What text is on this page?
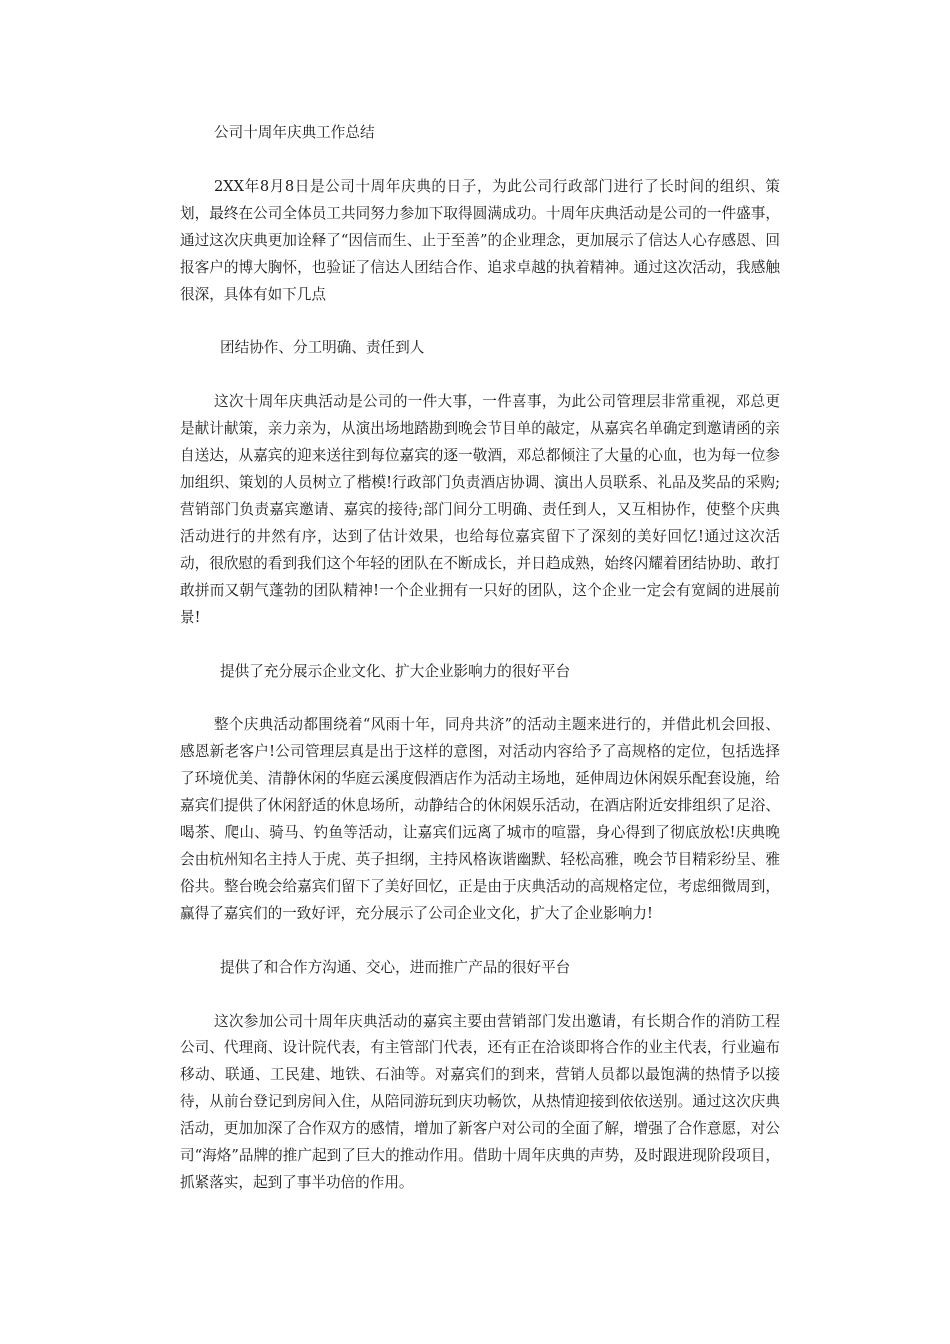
公司十周年庆典工作总结

2XX年8月8日是公司十周年庆典的日子，为此公司行政部门进行了长时间的组织、策划，最终在公司全体员工共同努力参加下取得圆满成功。十周年庆典活动是公司的一件盛事，通过这次庆典更加诠释了“因信而生、止于至善”的企业理念，更加展示了信达人心存感恩、回报客户的博大胸怀，也验证了信达人团结合作、追求卓越的执着精神。通过这次活动，我感触很深，具体有如下几点

团结协作、分工明确、责任到人

这次十周年庆典活动是公司的一件大事，一件喜事，为此公司管理层非常重视，邓总更是献计献策，亲力亲为，从演出场地踏勘到晚会节目单的敲定，从嘉宾名单确定到邀请函的亲自送达，从嘉宾的迎来送往到每位嘉宾的逐一敬酒，邓总都倾注了大量的心血，也为每一位参加组织、策划的人员树立了楷模!行政部门负责酒店协调、演出人员联系、礼品及奖品的采购;营销部门负责嘉宾邀请、嘉宾的接待;部门间分工明确、责任到人，又互相协作，使整个庆典活动进行的井然有序，达到了估计效果，也给每位嘉宾留下了深刻的美好回忆!通过这次活动，很欣慰的看到我们这个年轻的团队在不断成长，并日趋成熟，始终闪耀着团结协助、敢打敢拼而又朝气蓬勃的团队精神!一个企业拥有一只好的团队，这个企业一定会有宽阔的进展前景!

提供了充分展示企业文化、扩大企业影响力的很好平台

整个庆典活动都围绕着“风雨十年，同舟共济”的活动主题来进行的，并借此机会回报、感恩新老客户!公司管理层真是出于这样的意图，对活动内容给予了高规格的定位，包括选择了环境优美、清静休闲的华庭云溪度假酒店作为活动主场地，延伸周边休闲娱乐配套设施，给嘉宾们提供了休闲舒适的休息场所，动静结合的休闲娱乐活动，在酒店附近安排组织了足浴、喝茶、爬山、骑马、钓鱼等活动，让嘉宾们远离了城市的喧嚣，身心得到了彻底放松!庆典晚会由杭州知名主持人于虎、英子担纲，主持风格诙谐幽默、轻松高雅，晚会节目精彩纷呈、雅俗共。整台晚会给嘉宾们留下了美好回忆，正是由于庆典活动的高规格定位，考虑细微周到，赢得了嘉宾们的一致好评，充分展示了公司企业文化，扩大了企业影响力!

提供了和合作方沟通、交心，进而推广产品的很好平台

这次参加公司十周年庆典活动的嘉宾主要由营销部门发出邀请，有长期合作的消防工程公司、代理商、设计院代表，有主管部门代表，还有正在洽谈即将合作的业主代表，行业遍布移动、联通、工民建、地铁、石油等。对嘉宾们的到来，营销人员都以最饱满的热情予以接待，从前台登记到房间入住，从陪同游玩到庆功畅饮，从热情迎接到依依送别。通过这次庆典活动，更加加深了合作双方的感情，增加了新客户对公司的全面了解，增强了合作意愿，对公司“海烙”品牌的推广起到了巨大的推动作用。借助十周年庆典的声势，及时跟进现阶段项目，抓紧落实，起到了事半功倍的作用。
